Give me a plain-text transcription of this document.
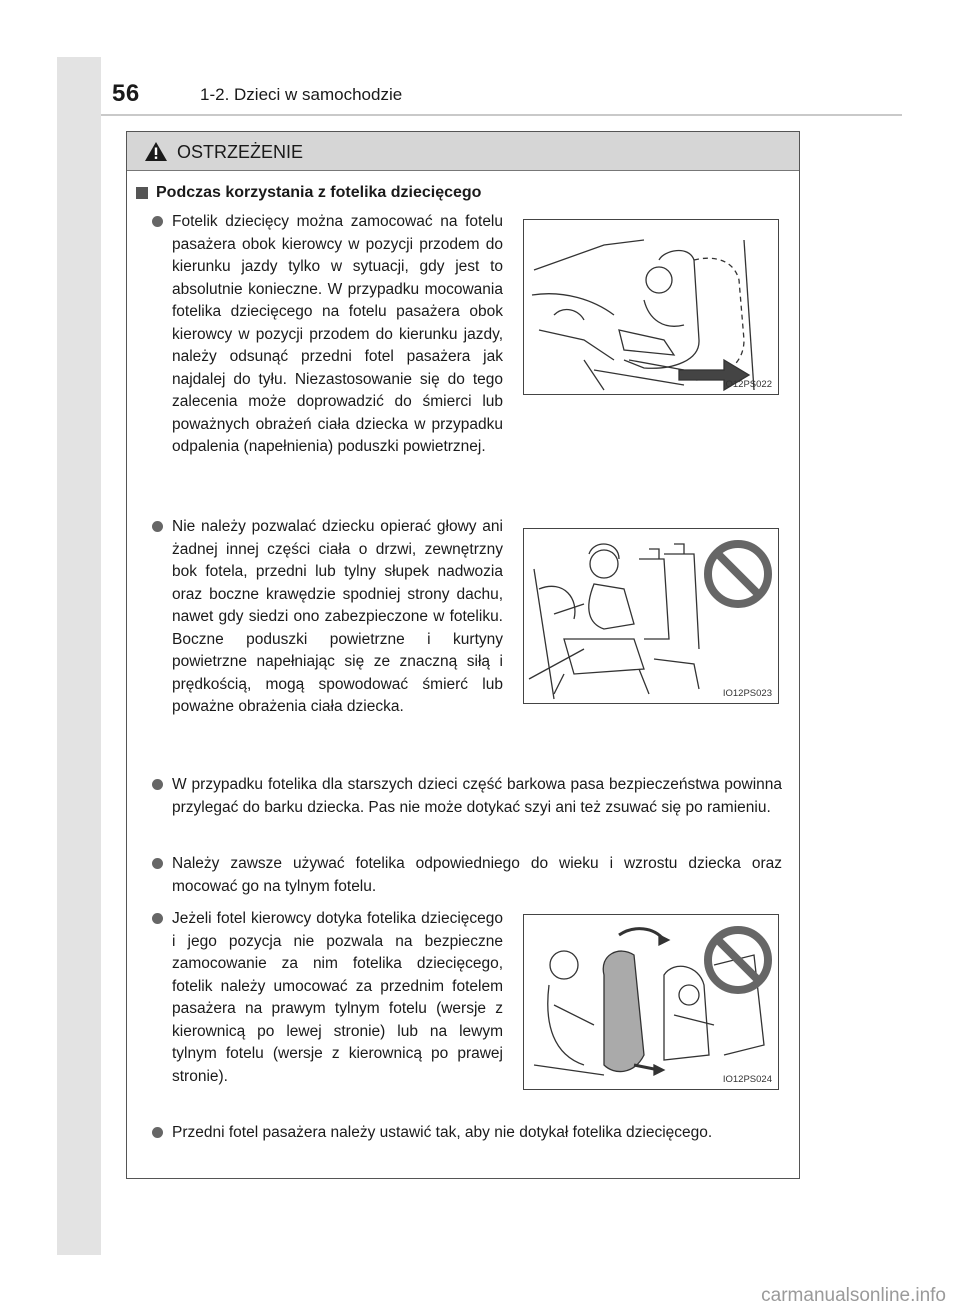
56	1-2. Dzieci w samochodzie
OSTRZEŻENIE
Podczas korzystania z fotelika dziecięcego

Fotelik dziecięcy można zamocować na fotelu pasażera obok kierowcy w pozycji przodem do kierunku jazdy tylko w sytuacji, gdy jest to absolutnie konieczne. W przypadku mocowania fotelika dziecięcego na fotelu pasażera obok kierowcy w pozycji przodem do kierunku jazdy, należy odsunąć przedni fotel pasażera jak najdalej do tyłu. Niezastosowanie się do tego zalecenia może doprowadzić do śmierci lub poważnych obrażeń ciała dziecka w przypadku odpalenia (napełnienia) poduszki powietrznej.

IO12PS022

Nie należy pozwalać dziecku opierać głowy ani żadnej innej części ciała o drzwi, zewnętrzny bok fotela, przedni lub tylny słupek nadwozia oraz boczne krawędzie spodniej strony dachu, nawet gdy siedzi ono zabezpieczone w foteliku. Boczne poduszki powietrzne i kurtyny powietrzne napełniając się ze znaczną siłą i prędkością, mogą spowodować śmierć lub poważne obrażenia ciała dziecka.

IO12PS023

W przypadku fotelika dla starszych dzieci część barkowa pasa bezpieczeństwa powinna przylegać do barku dziecka. Pas nie może dotykać szyi ani też zsuwać się po ramieniu.

Należy zawsze używać fotelika odpowiedniego do wieku i wzrostu dziecka oraz mocować go na tylnym fotelu.

Jeżeli fotel kierowcy dotyka fotelika dziecięcego i jego pozycja nie pozwala na bezpieczne zamocowanie za nim fotelika dziecięcego, fotelik należy umocować za przednim fotelem pasażera na prawym tylnym fotelu (wersje z kierownicą po lewej stronie) lub na lewym tylnym fotelu (wersje z kierownicą po prawej stronie).	IO12PS024

Przedni fotel pasażera należy ustawić tak, aby nie dotykał fotelika dziecięcego.

carmanualsonline.info
